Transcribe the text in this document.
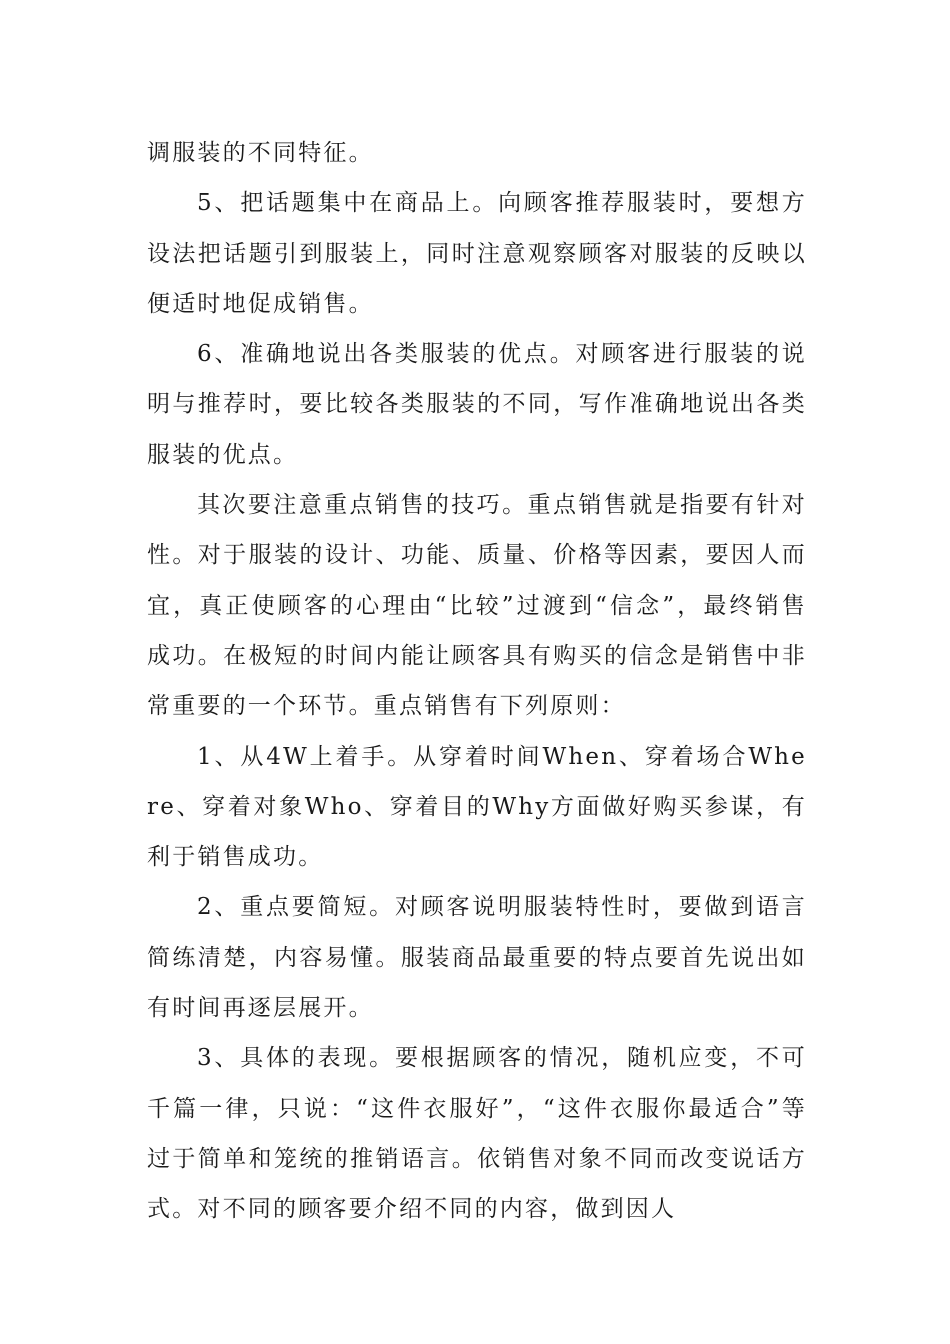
调服装的不同特征。

5、把话题集中在商品上。向顾客推荐服装时，要想方设法把话题引到服装上，同时注意观察顾客对服装的反映以便适时地促成销售。

6、准确地说出各类服装的优点。对顾客进行服装的说明与推荐时，要比较各类服装的不同，写作准确地说出各类服装的优点。

其次要注意重点销售的技巧。重点销售就是指要有针对性。对于服装的设计、功能、质量、价格等因素，要因人而宜，真正使顾客的心理由“比较”过渡到“信念”，最终销售成功。在极短的时间内能让顾客具有购买的信念是销售中非常重要的一个环节。重点销售有下列原则：

1、从4W上着手。从穿着时间When、穿着场合Where、穿着对象Who、穿着目的Why方面做好购买参谋，有利于销售成功。

2、重点要简短。对顾客说明服装特性时，要做到语言简练清楚，内容易懂。服装商品最重要的特点要首先说出如有时间再逐层展开。

3、具体的表现。要根据顾客的情况，随机应变，不可千篇一律，只说：“这件衣服好”，“这件衣服你最适合”等过于简单和笼统的推销语言。依销售对象不同而改变说话方式。对不同的顾客要介绍不同的内容，做到因人
